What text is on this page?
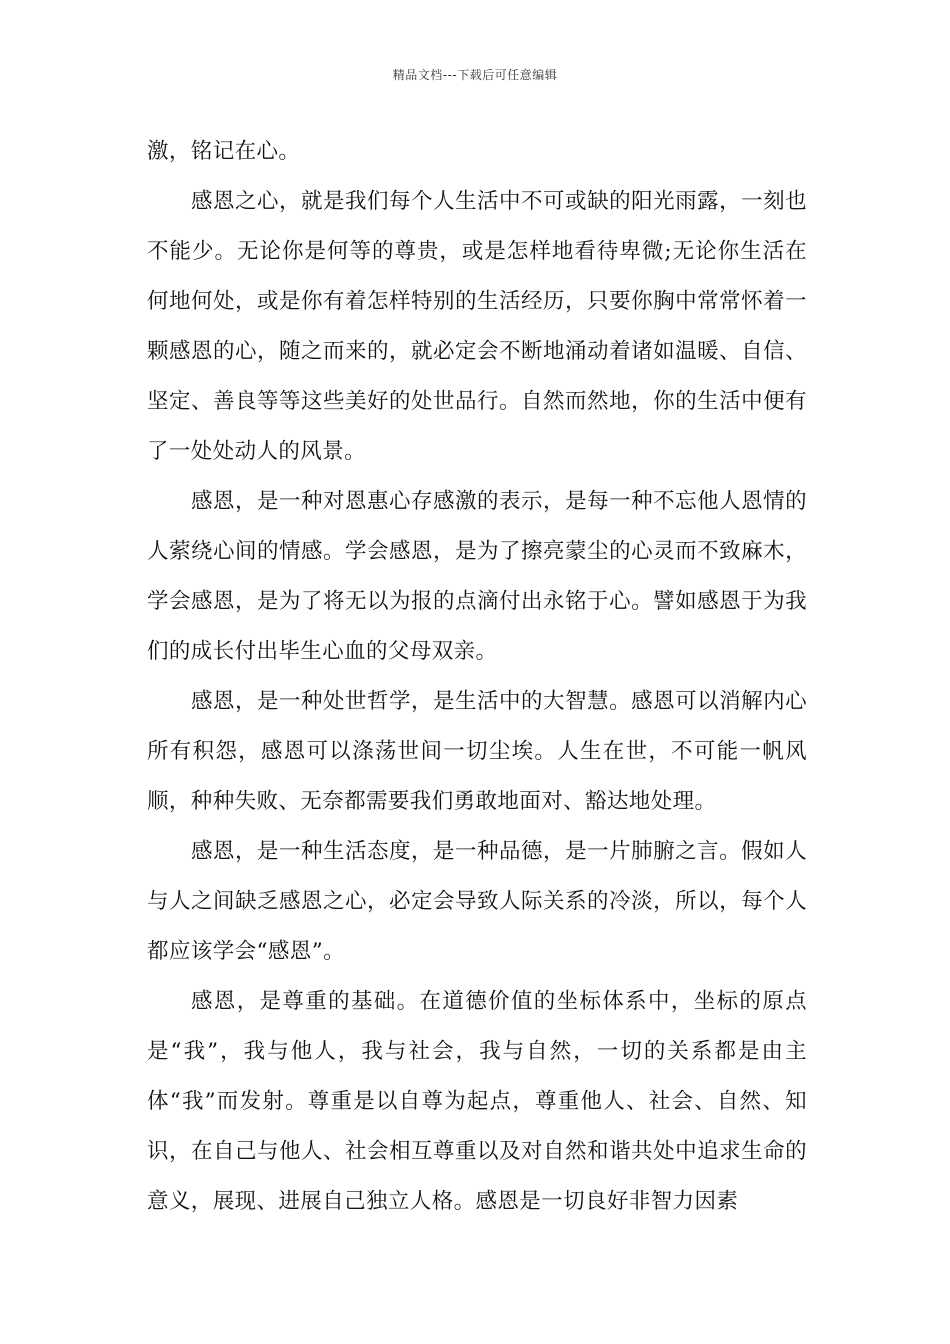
精品文档---下载后可任意编辑

激，铭记在心。

感恩之心，就是我们每个人生活中不可或缺的阳光雨露，一刻也不能少。无论你是何等的尊贵，或是怎样地看待卑微;无论你生活在何地何处，或是你有着怎样特别的生活经历，只要你胸中常常怀着一颗感恩的心，随之而来的，就必定会不断地涌动着诸如温暖、自信、坚定、善良等等这些美好的处世品行。自然而然地，你的生活中便有了一处处动人的风景。

感恩，是一种对恩惠心存感激的表示，是每一种不忘他人恩情的人萦绕心间的情感。学会感恩，是为了擦亮蒙尘的心灵而不致麻木，学会感恩，是为了将无以为报的点滴付出永铭于心。譬如感恩于为我们的成长付出毕生心血的父母双亲。

感恩，是一种处世哲学，是生活中的大智慧。感恩可以消解内心所有积怨，感恩可以涤荡世间一切尘埃。人生在世，不可能一帆风顺，种种失败、无奈都需要我们勇敢地面对、豁达地处理。

感恩，是一种生活态度，是一种品德，是一片肺腑之言。假如人与人之间缺乏感恩之心，必定会导致人际关系的冷淡，所以，每个人都应该学会“感恩”。

感恩，是尊重的基础。在道德价值的坐标体系中，坐标的原点是“我”，我与他人，我与社会，我与自然，一切的关系都是由主体“我”而发射。尊重是以自尊为起点，尊重他人、社会、自然、知识，在自己与他人、社会相互尊重以及对自然和谐共处中追求生命的意义，展现、进展自己独立人格。感恩是一切良好非智力因素
